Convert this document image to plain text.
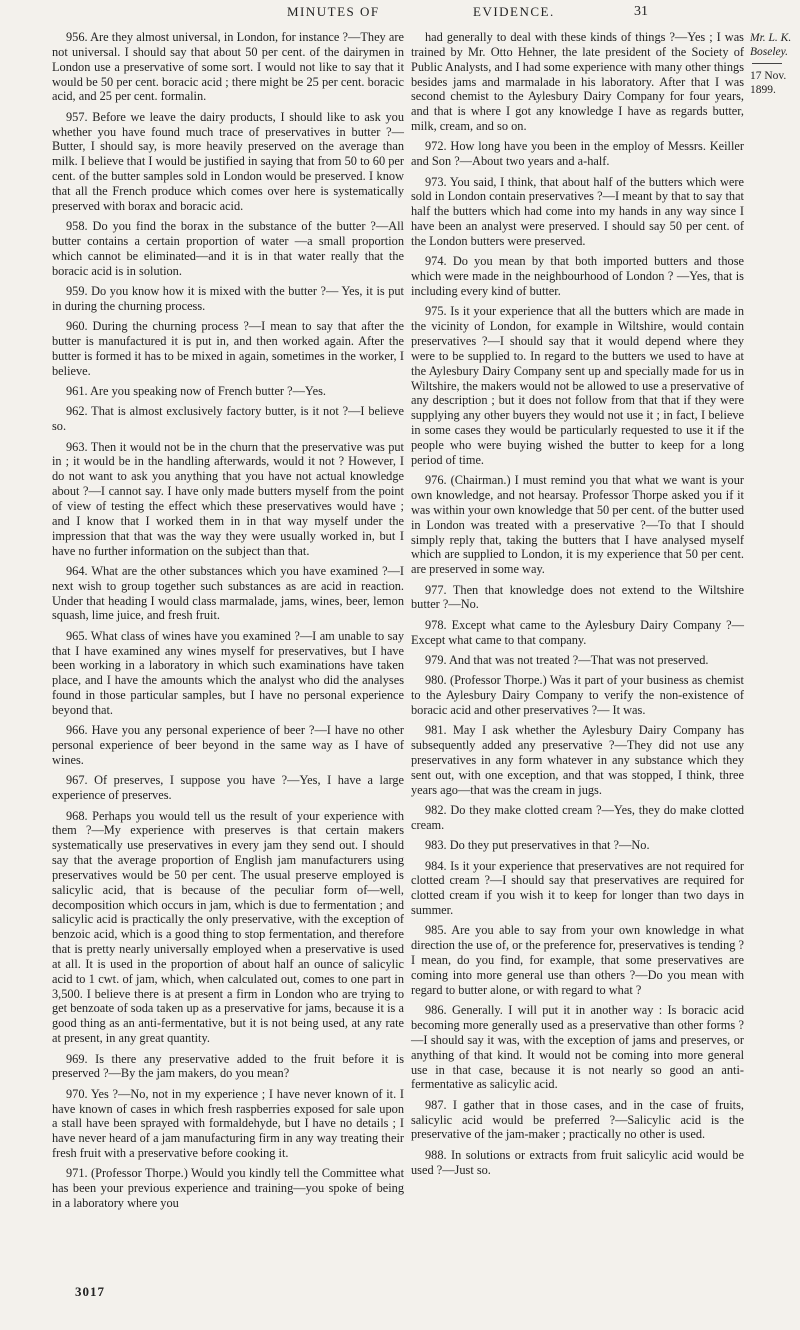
MINUTES OF	EVIDENCE.	31

956. Are they almost universal, in London, for instance ?—They are not universal. I should say that about 50 per cent. of the dairymen in London use a preservative of some sort. I would not like to say that it would be 50 per cent. boracic acid ; there might be 25 per cent. boracic acid, and 25 per cent. formalin.

957. Before we leave the dairy products, I should like to ask you whether you have found much trace of preservatives in butter ?—Butter, I should say, is more heavily preserved on the average than milk. I believe that I would be justified in saying that from 50 to 60 per cent. of the butter samples sold in London would be preserved. I know that all the French produce which comes over here is systematically preserved with borax and boracic acid.

958. Do you find the borax in the substance of the butter ?—All butter contains a certain proportion of water —a small proportion which cannot be eliminated—and it is in that water really that the boracic acid is in solution.

959. Do you know how it is mixed with the butter ?— Yes, it is put in during the churning process.

960. During the churning process ?—I mean to say that after the butter is manufactured it is put in, and then worked again. After the butter is formed it has to be mixed in again, sometimes in the worker, I believe.

961. Are you speaking now of French butter ?—Yes.

962. That is almost exclusively factory butter, is it not ?—I believe so.

963. Then it would not be in the churn that the preservative was put in ; it would be in the handling afterwards, would it not ? However, I do not want to ask you anything that you have not actual knowledge about ?—I cannot say. I have only made butters myself from the point of view of testing the effect which these preservatives would have ; and I know that I worked them in in that way myself under the impression that that was the way they were usually worked in, but I have no further information on the subject than that.

964. What are the other substances which you have examined ?—I next wish to group together such substances as are acid in reaction. Under that heading I would class marmalade, jams, wines, beer, lemon squash, lime juice, and fresh fruit.

965. What class of wines have you examined ?—I am unable to say that I have examined any wines myself for preservatives, but I have been working in a laboratory in which such examinations have taken place, and I have the amounts which the analyst who did the analyses found in those particular samples, but I have no personal experience beyond that.

966. Have you any personal experience of beer ?—I have no other personal experience of beer beyond in the same way as I have of wines.

967. Of preserves, I suppose you have ?—Yes, I have a large experience of preserves.

968. Perhaps you would tell us the result of your experience with them ?—My experience with preserves is that certain makers systematically use preservatives in every jam they send out. I should say that the average proportion of English jam manufacturers using preservatives would be 50 per cent. The usual preserve employed is salicylic acid, that is because of the peculiar form of—well, decomposition which occurs in jam, which is due to fermentation ; and salicylic acid is practically the only preservative, with the exception of benzoic acid, which is a good thing to stop fermentation, and therefore that is pretty nearly universally employed when a preservative is used at all. It is used in the proportion of about half an ounce of salicylic acid to 1 cwt. of jam, which, when calculated out, comes to one part in 3,500. I believe there is at present a firm in London who are trying to get benzoate of soda taken up as a preservative for jams, because it is a good thing as an anti-fermentative, but it is not being used, at any rate at present, in any great quantity.

969. Is there any preservative added to the fruit before it is preserved ?—By the jam makers, do you mean?

970. Yes ?—No, not in my experience ; I have never known of it. I have known of cases in which fresh raspberries exposed for sale upon a stall have been sprayed with formaldehyde, but I have no details ; I have never heard of a jam manufacturing firm in any way treating their fresh fruit with a preservative before cooking it.

971. (Professor Thorpe.) Would you kindly tell the Committee what has been your previous experience and training—you spoke of being in a laboratory where you

had generally to deal with these kinds of things ?—Yes ; I was trained by Mr. Otto Hehner, the late president of the Society of Public Analysts, and I had some experience with many other things besides jams and marmalade in his laboratory. After that I was second chemist to the Aylesbury Dairy Company for four years, and that is where I got any knowledge I have as regards butter, milk, cream, and so on.

972. How long have you been in the employ of Messrs. Keiller and Son ?—About two years and a-half.

973. You said, I think, that about half of the butters which were sold in London contain preservatives ?—I meant by that to say that half the butters which had come into my hands in any way since I have been an analyst were preserved. I should say 50 per cent. of the London butters were preserved.

974. Do you mean by that both imported butters and those which were made in the neighbourhood of London ? —Yes, that is including every kind of butter.

975. Is it your experience that all the butters which are made in the vicinity of London, for example in Wiltshire, would contain preservatives ?—I should say that it would depend where they were to be supplied to. In regard to the butters we used to have at the Aylesbury Dairy Company sent up and specially made for us in Wiltshire, the makers would not be allowed to use a preservative of any description ; but it does not follow from that that if they were supplying any other buyers they would not use it ; in fact, I believe in some cases they would be particularly requested to use it if the people who were buying wished the butter to keep for a long period of time.

976. (Chairman.) I must remind you that what we want is your own knowledge, and not hearsay. Professor Thorpe asked you if it was within your own knowledge that 50 per cent. of the butter used in London was treated with a preservative ?—To that I should simply reply that, taking the butters that I have analysed myself which are supplied to London, it is my experience that 50 per cent. are preserved in some way.

977. Then that knowledge does not extend to the Wiltshire butter ?—No.

978. Except what came to the Aylesbury Dairy Company ?—Except what came to that company.

979. And that was not treated ?—That was not preserved.

980. (Professor Thorpe.) Was it part of your business as chemist to the Aylesbury Dairy Company to verify the non-existence of boracic acid and other preservatives ?— It was.

981. May I ask whether the Aylesbury Dairy Company has subsequently added any preservative ?—They did not use any preservatives in any form whatever in any substance which they sent out, with one exception, and that was stopped, I think, three years ago—that was the cream in jugs.

982. Do they make clotted cream ?—Yes, they do make clotted cream.

983. Do they put preservatives in that ?—No.

984. Is it your experience that preservatives are not required for clotted cream ?—I should say that preservatives are required for clotted cream if you wish it to keep for longer than two days in summer.

985. Are you able to say from your own knowledge in what direction the use of, or the preference for, preservatives is tending ? I mean, do you find, for example, that some preservatives are coming into more general use than others ?—Do you mean with regard to butter alone, or with regard to what ?

986. Generally. I will put it in another way : Is boracic acid becoming more generally used as a preservative than other forms ?—I should say it was, with the exception of jams and preserves, or anything of that kind. It would not be coming into more general use in that case, because it is not nearly so good an anti-fermentative as salicylic acid.

987. I gather that in those cases, and in the case of fruits, salicylic acid would be preferred ?—Salicylic acid is the preservative of the jam-maker ; practically no other is used.

988. In solutions or extracts from fruit salicylic acid would be used ?—Just so.

Mr. L. K. Boseley.
17 Nov. 1899.
3017
